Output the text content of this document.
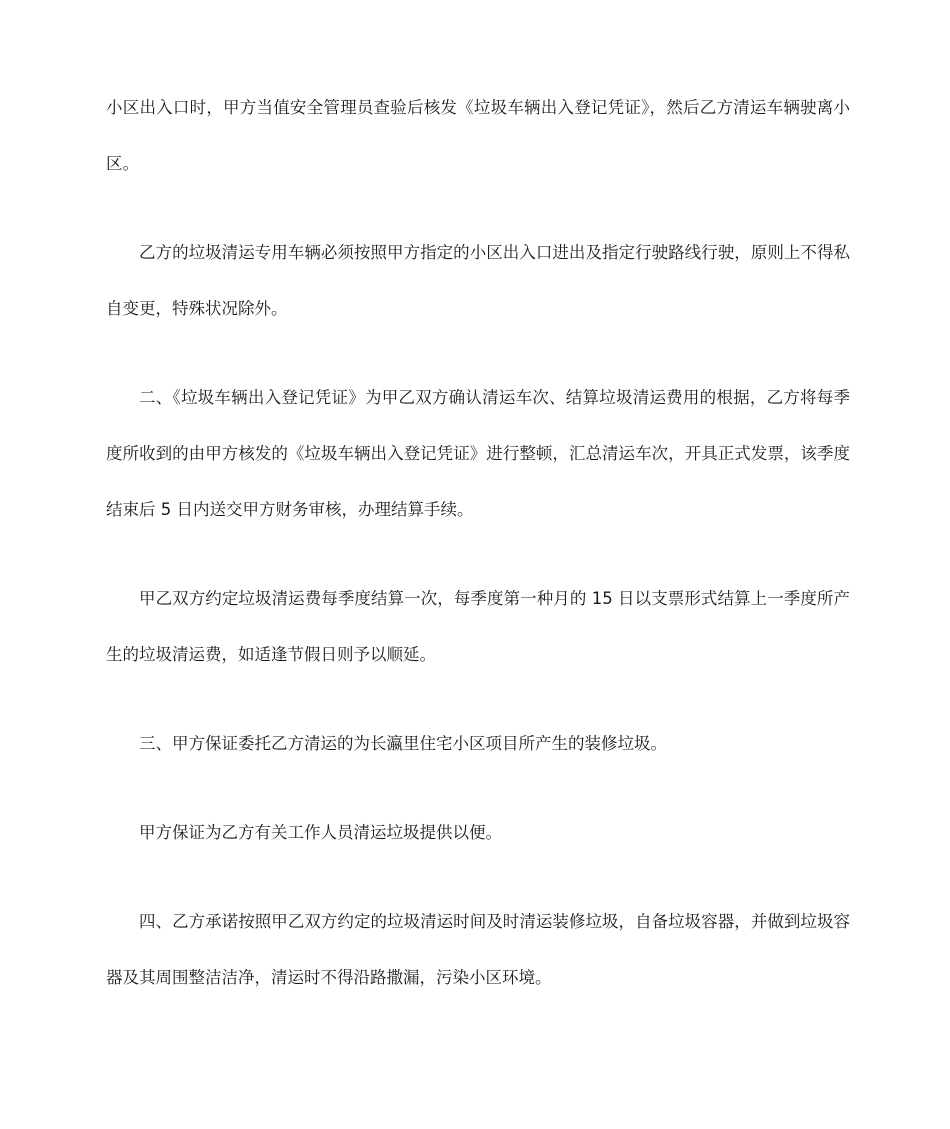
小区出入口时，甲方当值安全管理员查验后核发《垃圾车辆出入登记凭证》，然后乙方清运车辆驶离小区。

乙方的垃圾清运专用车辆必须按照甲方指定的小区出入口进出及指定行驶路线行驶，原则上不得私自变更，特殊状况除外。

二、《垃圾车辆出入登记凭证》为甲乙双方确认清运车次、结算垃圾清运费用的根据，乙方将每季度所收到的由甲方核发的《垃圾车辆出入登记凭证》进行整顿，汇总清运车次，开具正式发票，该季度结束后 5 日内送交甲方财务审核，办理结算手续。

甲乙双方约定垃圾清运费每季度结算一次，每季度第一种月的 15 日以支票形式结算上一季度所产生的垃圾清运费，如适逢节假日则予以顺延。

三、甲方保证委托乙方清运的为长瀛里住宅小区项目所产生的装修垃圾。

甲方保证为乙方有关工作人员清运垃圾提供以便。

四、乙方承诺按照甲乙双方约定的垃圾清运时间及时清运装修垃圾，自备垃圾容器，并做到垃圾容器及其周围整洁洁净，清运时不得沿路撒漏，污染小区环境。
